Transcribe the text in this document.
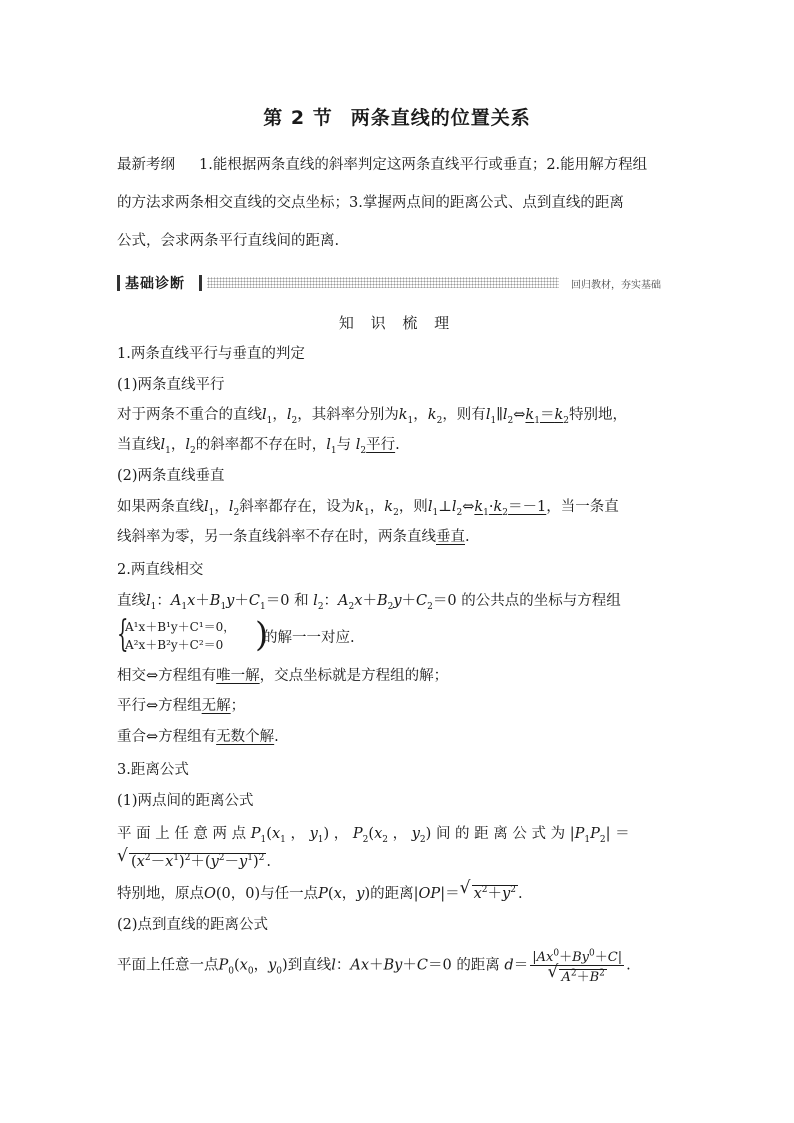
第 2 节 两条直线的位置关系
最新考纲 1.能根据两条直线的斜率判定这两条直线平行或垂直；2.能用解方程组
的方法求两条相交直线的交点坐标；3.掌握两点间的距离公式、点到直线的距离
公式，会求两条平行直线间的距离.
基础诊断	回归教材，夯实基础
知 识 梳 理
1.两条直线平行与垂直的判定
(1)两条直线平行
对于两条不重合的直线$l_1$，$l_2$，其斜率分别为$k_1$，$k_2$，则有$l_1\parallel l_2\Leftrightarrow k_1=k_2$特别地，
当直线$l_1$，$l_2$的斜率都不存在时，$l_1$与 $l_2$平行.
(2)两条直线垂直
如果两条直线$l_1$，$l_2$斜率都存在，设为$k_1$，$k_2$，则$l_1\perp l_2\Leftrightarrow k_1\cdot k_2=-1$，当一条直
线斜率为零，另一条直线斜率不存在时，两条直线垂直.
2.两直线相交
直线$l_1$：$A_1x+B_1y+C_1=0$ 和 $l_2$：$A_2x+B_2y+C_2=0$ 的公共点的坐标与方程组
{
A¹x＋B¹y＋C¹＝0，
A²x＋B²y＋C²＝0 )
的解一一对应.
相交⇔方程组有唯一解，交点坐标就是方程组的解；
平行⇔方程组无解；
重合⇔方程组有无数个解.
3.距离公式
(1)两点间的距离公式
平 面 上 任 意 两 点 $P_1(x_1$ ， $y_1$) ， $P_2(x_2$ ， $y_2$) 间 的 距 离 公 式 为 $|P_1P_2|$ ＝
√ $(x^2-x^1)^2+(y^2-y^1)^2$ .
特别地，原点O(0，0)与任一点P(x，y)的距离|OP|＝√ $x^2+y^2$ .
(2)点到直线的距离公式
平面上任意一点$P_0(x_0$，$y_0$)到直线l：Ax＋By＋C＝0 的距离 $d= |Ax^0+By^0+C|$
√ $A^2+B^2$ .
